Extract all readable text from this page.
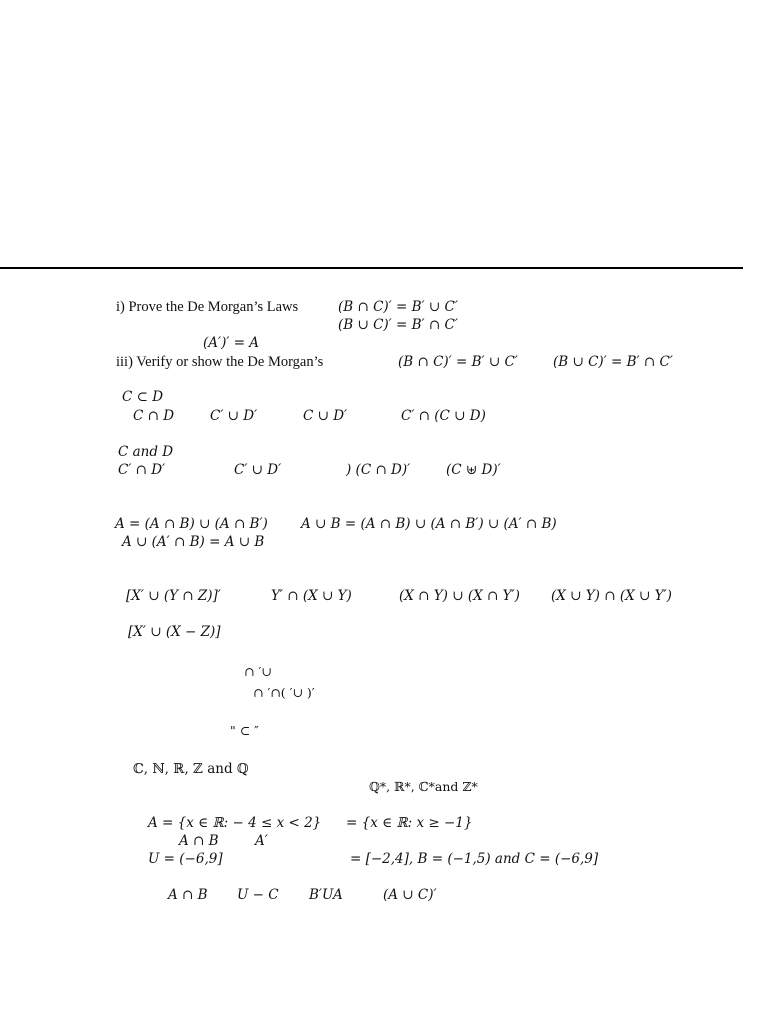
i) Prove the De Morgan’s Laws	(B ∩ C)′ = B′ ∪ C′
(B ∪ C)′ = B′ ∩ C′
(A′)′ = A
iii) Verify or show the De Morgan’s	(B ∩ C)′ = B′ ∪ C′	(B ∪ C)′ = B′ ∩ C′
C ⊂ D
C ∩ D	C′ ∪ D′	C ∪ D′	C′ ∩ (C ∪ D)
C and D
C′ ∩ D′	C′ ∪ D′	) (C ∩ D)′	(C ⊎ D)′
A = (A ∩ B) ∪ (A ∩ B′) A ∪ B = (A ∩ B) ∪ (A ∩ B′) ∪ (A′ ∩ B)
A ∪ (A′ ∩ B) = A ∪ B
[X′ ∪ (Y ∩ Z)]′	Y′ ∩ (X ∪ Y)	(X ∩ Y) ∪ (X ∩ Y′) (X ∪ Y) ∩ (X ∪ Y′)
[X′ ∪ (X − Z)]
∩ ′∪
∩ ′∩( ′∪ )′
" ⊂ ″
ℂ, ℕ, ℝ, ℤ and ℚ
ℚ*, ℝ*, ℂ*and ℤ*
A = {x ∈ ℝ: − 4 ≤ x < 2} = {x ∈ ℝ: x ≥ −1}
A ∩ B	A′
U = (−6,9]	= [−2,4], B = (−1,5) and C = (−6,9]
A ∩ B U − C B′UA	(A ∪ C)′
